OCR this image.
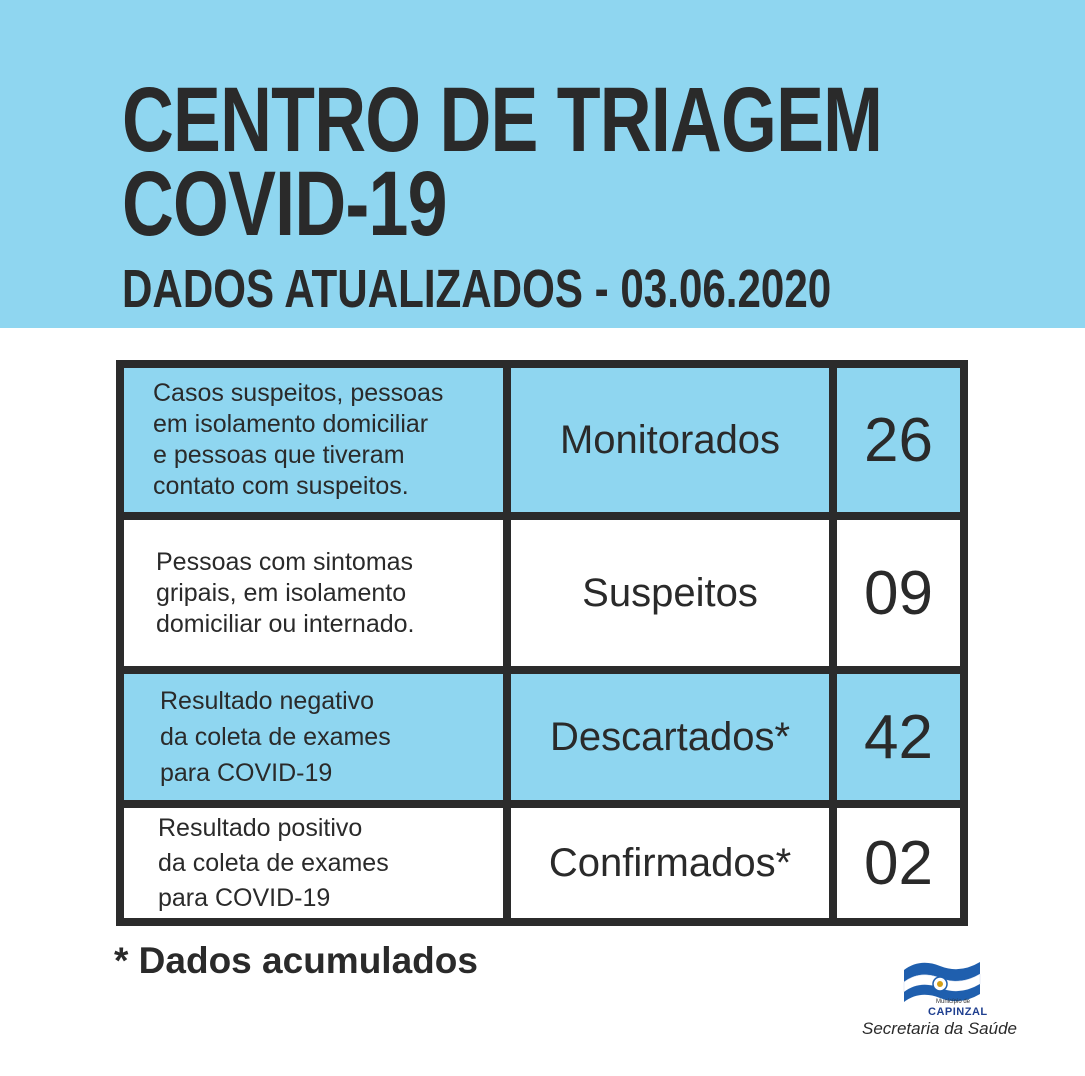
CENTRO DE TRIAGEM
COVID-19
DADOS ATUALIZADOS - 03.06.2020
Casos suspeitos, pessoas
em isolamento domiciliar
e pessoas que tiveram
contato com suspeitos.
Monitorados	26
Pessoas com sintomas
gripais, em isolamento
domiciliar ou internado.
Suspeitos	09
Resultado negativo
da coleta de exames
para COVID-19
Descartados*	42
Resultado positivo
da coleta de exames
para COVID-19
Confirmados*	02

* Dados acumulados

Município de
CAPINZAL
Secretaria da Saúde
